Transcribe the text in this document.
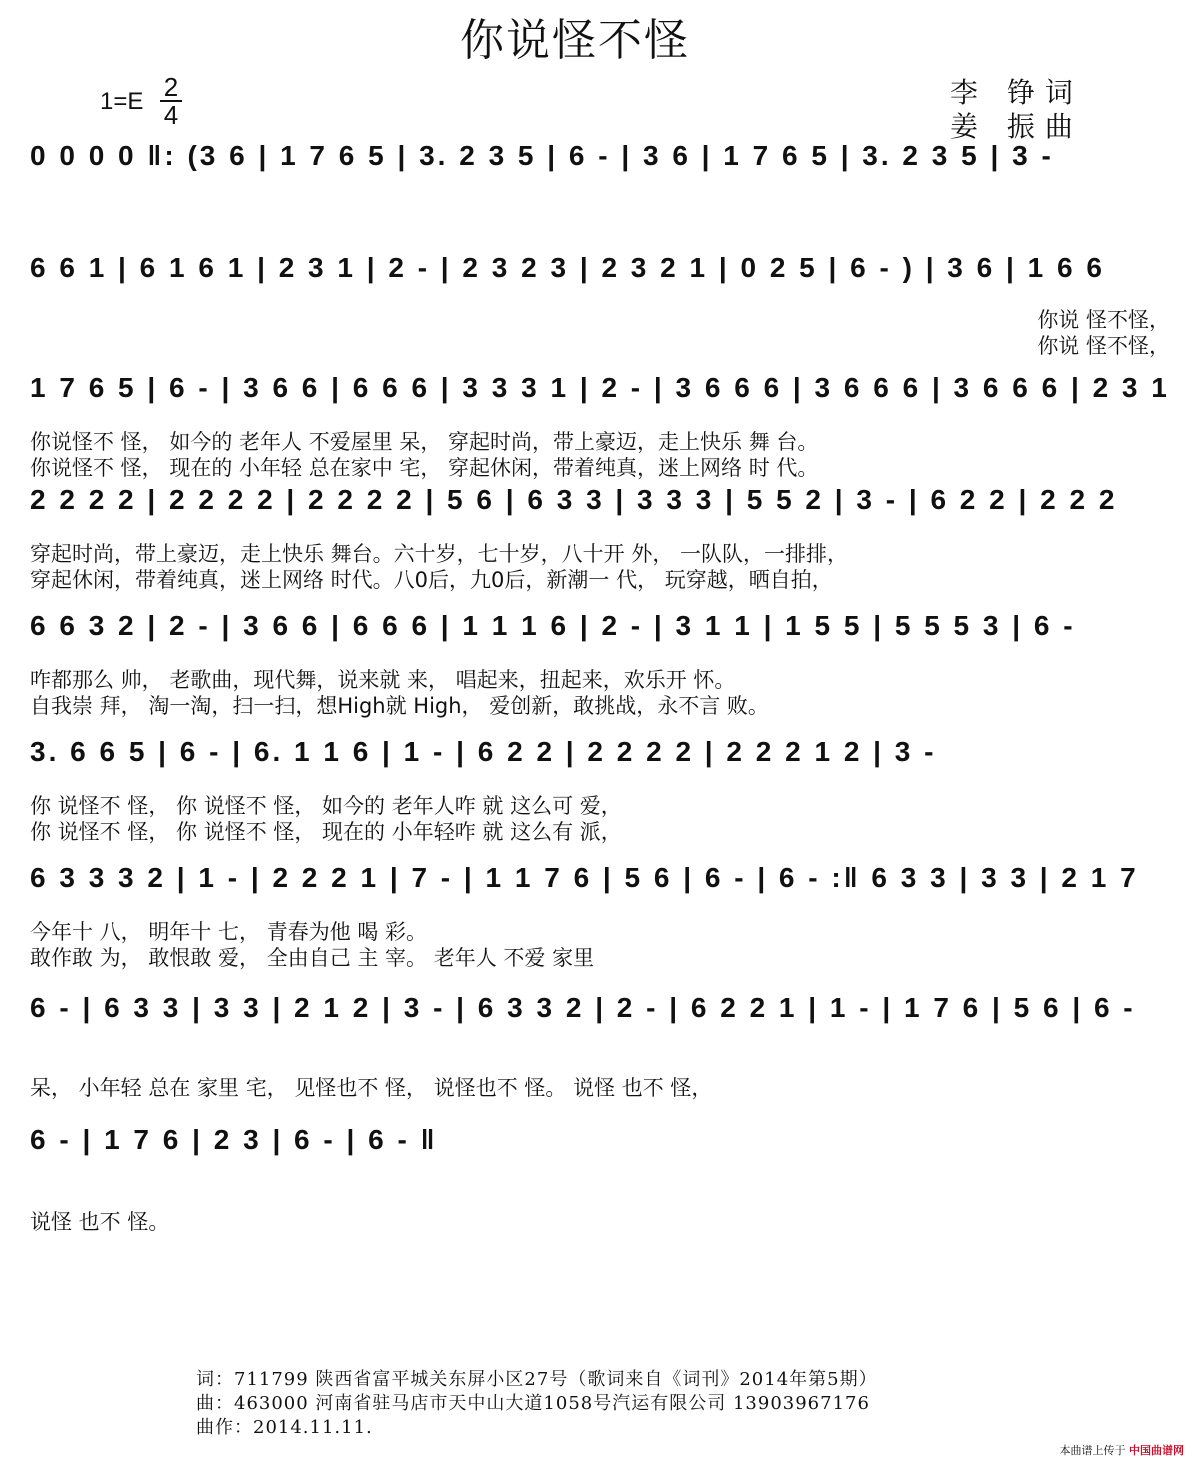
你说怪不怪
1=E 2
4
李 铮词
姜 振曲
0 0 0 0 ‖: (3 6 | 1 7 6 5 | 3. 2 3 5 | 6 - | 3 6 | 1 7 6 5 | 3. 2 3 5 | 3 -
6 6 1 | 6 1 6 1 | 2 3 1 | 2 - | 2 3 2 3 | 2 3 2 1 | 0 2 5 | 6 - ) | 3 6 | 1 6 6
你说 怪不怪，
你说 怪不怪，
1 7 6 5 | 6 - | 3 6 6 | 6 6 6 | 3 3 3 1 | 2 - | 3 6 6 6 | 3 6 6 6 | 3 6 6 6 | 2 3 1
你说怪不 怪， 如今的 老年人 不爱屋里 呆， 穿起时尚，带上豪迈，走上快乐 舞 台。
你说怪不 怪， 现在的 小年轻 总在家中 宅， 穿起休闲，带着纯真，迷上网络 时 代。
2 2 2 2 | 2 2 2 2 | 2 2 2 2 | 5 6 | 6 3 3 | 3 3 3 | 5 5 2 | 3 - | 6 2 2 | 2 2 2
穿起时尚，带上豪迈，走上快乐 舞台。六十岁，七十岁，八十开 外， 一队队，一排排，
穿起休闲，带着纯真，迷上网络 时代。八0后，九0后，新潮一 代， 玩穿越，晒自拍，
6 6 3 2 | 2 - | 3 6 6 | 6 6 6 | 1 1 1 6 | 2 - | 3 1 1 | 1 5 5 | 5 5 5 3 | 6 -
咋都那么 帅， 老歌曲，现代舞，说来就 来， 唱起来，扭起来，欢乐开 怀。
自我崇 拜， 淘一淘，扫一扫，想High就 High， 爱创新，敢挑战，永不言 败。
3. 6 6 5 | 6 - | 6. 1 1 6 | 1 - | 6 2 2 | 2 2 2 2 | 2 2 2 1 2 | 3 -
你 说怪不 怪， 你 说怪不 怪， 如今的 老年人咋 就 这么可 爱，
你 说怪不 怪， 你 说怪不 怪， 现在的 小年轻咋 就 这么有 派，
6 3 3 3 2 | 1 - | 2 2 2 1 | 7 - | 1 1 7 6 | 5 6 | 6 - | 6 - :‖ 6 3 3 | 3 3 | 2 1 7
今年十 八， 明年十 七， 青春为他 喝 彩。
敢作敢 为， 敢恨敢 爱， 全由自己 主 宰。 老年人 不爱 家里
6 - | 6 3 3 | 3 3 | 2 1 2 | 3 - | 6 3 3 2 | 2 - | 6 2 2 1 | 1 - | 1 7 6 | 5 6 | 6 -
呆， 小年轻 总在 家里 宅， 见怪也不 怪， 说怪也不 怪。 说怪 也不 怪，
6 - | 1 7 6 | 2 3 | 6 - | 6 - ‖
说怪 也不 怪。
词：711799 陕西省富平城关东屏小区27号（歌词来自《词刊》2014年第5期）
曲：463000 河南省驻马店市天中山大道1058号汽运有限公司 13903967176
曲作：2014.11.11.
本曲谱上传于 中国曲谱网
